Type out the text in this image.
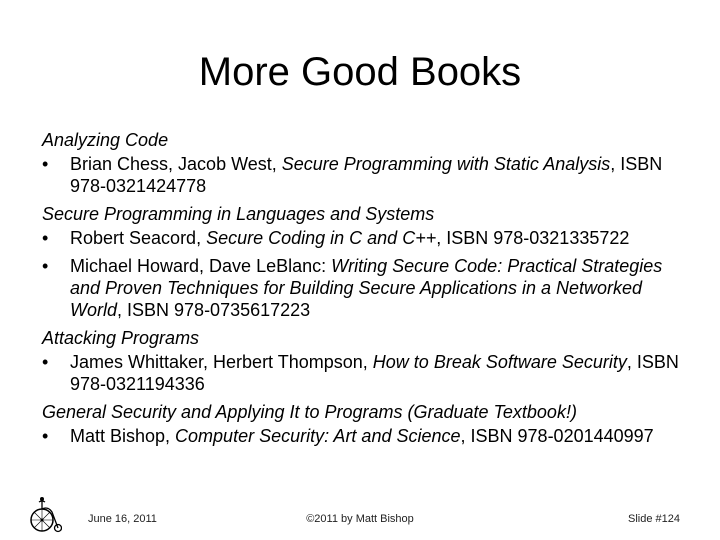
More Good Books
Analyzing Code
• Brian Chess, Jacob West, Secure Programming with Static Analysis, ISBN 978-0321424778
Secure Programming in Languages and Systems
• Robert Seacord, Secure Coding in C and C++, ISBN 978-0321335722
• Michael Howard, Dave LeBlanc: Writing Secure Code: Practical Strategies and Proven Techniques for Building Secure Applications in a Networked World, ISBN 978-0735617223
Attacking Programs
• James Whittaker, Herbert Thompson, How to Break Software Security, ISBN 978-0321194336
General Security and Applying It to Programs (Graduate Textbook!)
• Matt Bishop, Computer Security: Art and Science, ISBN 978-0201440997
June 16, 2011	©2011 by Matt Bishop	Slide #124
